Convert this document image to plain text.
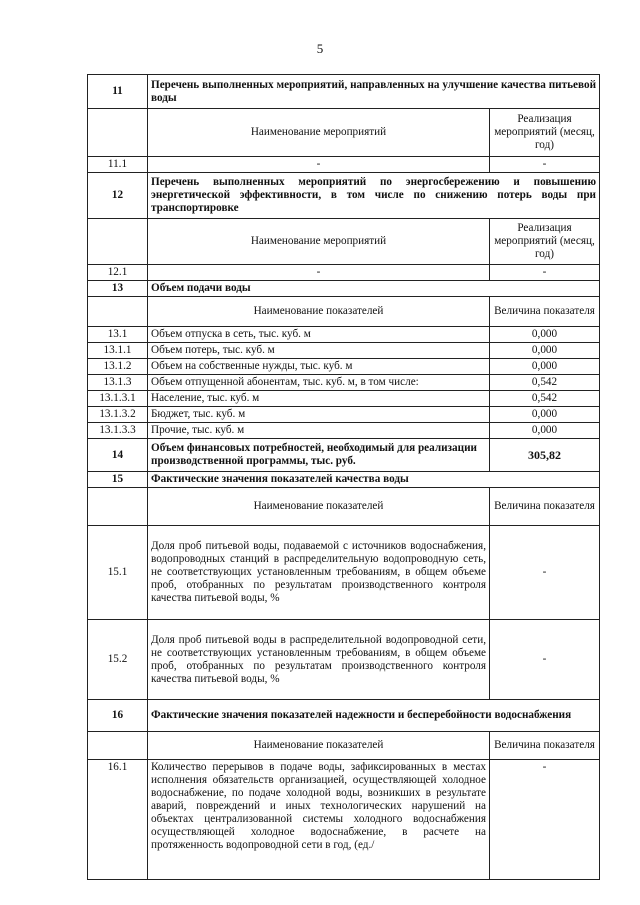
5
11	Перечень выполненных мероприятий, направленных на улучшение качества питьевой воды	
	Наименование мероприятий	Реализация мероприятий (месяц, год)
11.1	-	-
12	Перечень выполненных мероприятий по энергосбережению и повышению энергетической эффективности, в том числе по снижению потерь воды при транспортировке	
	Наименование мероприятий	Реализация мероприятий (месяц, год)
12.1	-	-
13	Объем подачи воды	
	Наименование показателей	Величина показателя
13.1	Объем отпуска в сеть, тыс. куб. м	0,000
13.1.1	Объем потерь, тыс. куб. м	0,000
13.1.2	Объем на собственные нужды, тыс. куб. м	0,000
13.1.3	Объем отпущенной абонентам, тыс. куб. м, в том числе:	0,542
13.1.3.1	Население, тыс. куб. м	0,542
13.1.3.2	Бюджет, тыс. куб. м	0,000
13.1.3.3	Прочие, тыс. куб. м	0,000
14	Объем финансовых потребностей, необходимый для реализации производственной программы, тыс. руб.	305,82
15	Фактические значения показателей качества воды	
	Наименование показателей	Величина показателя
15.1	Доля проб питьевой воды, подаваемой с источников водоснабжения, водопроводных станций в распределительную водопроводную сеть, не соответствующих установленным требованиям, в общем объеме проб, отобранных по результатам производственного контроля качества питьевой воды, %	-
15.2	Доля проб питьевой воды в распределительной водопроводной сети, не соответствующих установленным требованиям, в общем объеме проб, отобранных по результатам производственного контроля качества питьевой воды, %	-
16	Фактические значения показателей надежности и бесперебойности водоснабжения	
	Наименование показателей	Величина показателя
16.1	Количество перерывов в подаче воды, зафиксированных в местах исполнения обязательств организацией, осуществляющей холодное водоснабжение, по подаче холодной воды, возникших в результате аварий, повреждений и иных технологических нарушений на объектах централизованной системы холодного водоснабжения осуществляющей холодное водоснабжение, в расчете на протяженность водопроводной сети в год, (ед./	-
